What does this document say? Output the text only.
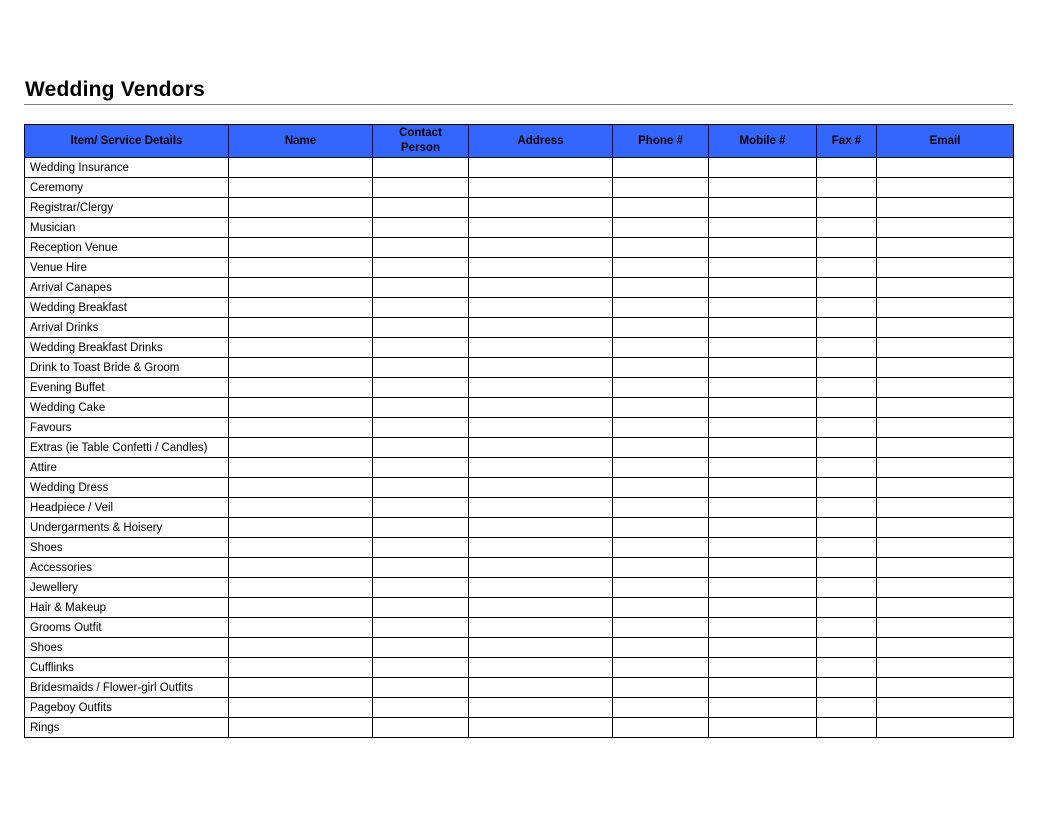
Wedding Vendors
Item/ Service Details	Name	Contact Person	Address	Phone #	Mobile #	Fax #	Email
Wedding Insurance							
Ceremony							
Registrar/Clergy							
Musician							
Reception Venue							
Venue Hire							
Arrival Canapes							
Wedding Breakfast							
Arrival Drinks							
Wedding Breakfast Drinks							
Drink to Toast Bride & Groom							
Evening Buffet							
Wedding Cake							
Favours							
Extras (ie Table Confetti / Candles)							
Attire							
Wedding Dress							
Headpiece / Veil							
Undergarments & Hoisery							
Shoes							
Accessories							
Jewellery							
Hair & Makeup							
Grooms Outfit							
Shoes							
Cufflinks							
Bridesmaids / Flower-girl Outfits							
Pageboy Outfits							
Rings							
